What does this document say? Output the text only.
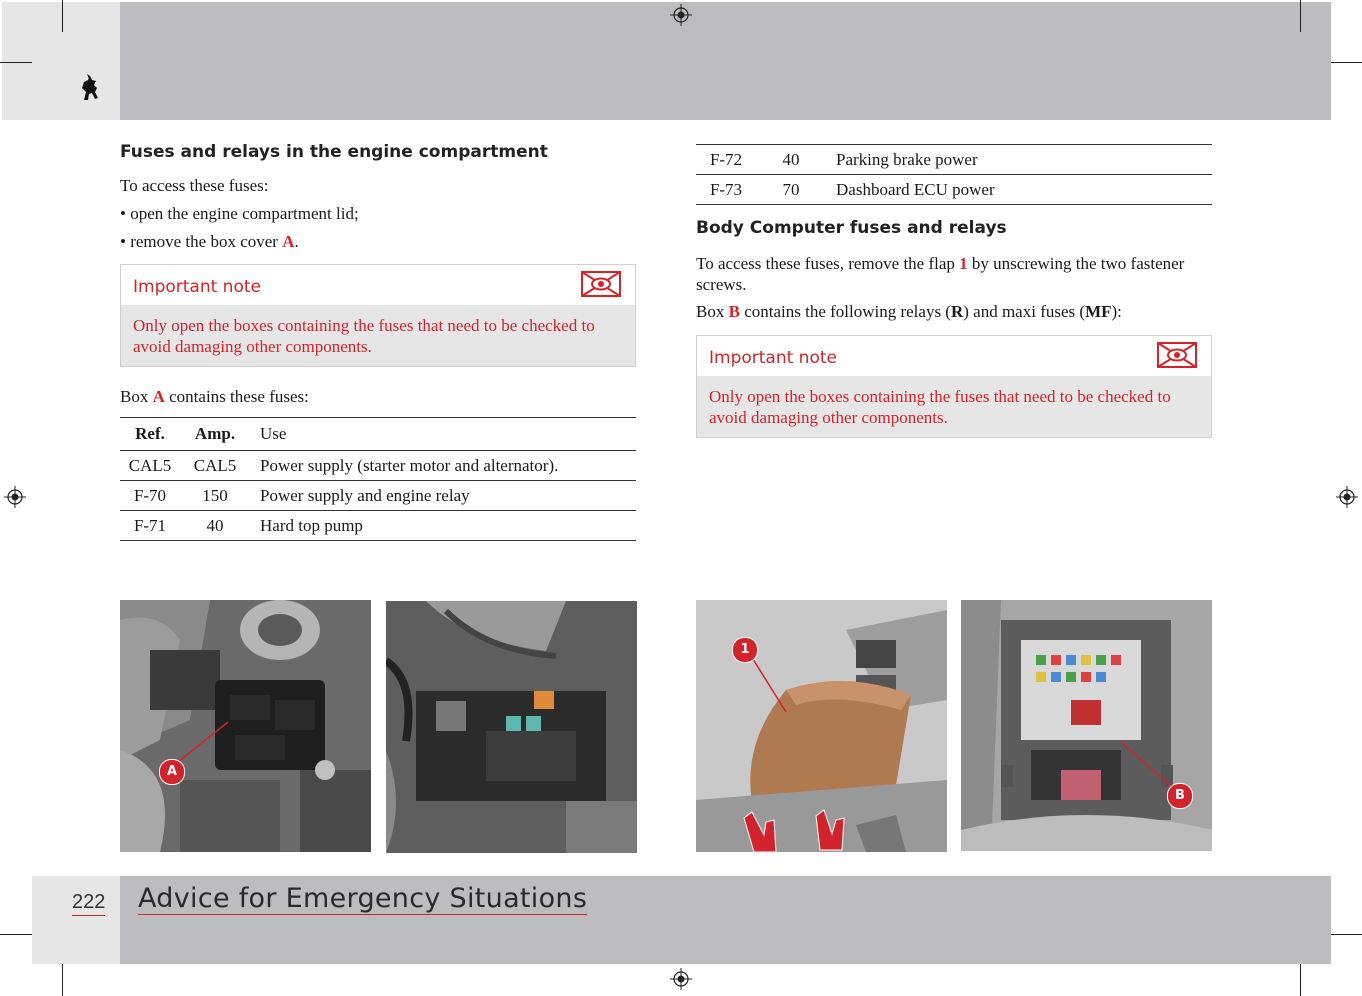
Fuses and relays in the engine compartment
To access these fuses:
• open the engine compartment lid;
• remove the box cover A.
Important note
Only open the boxes containing the fuses that need to be checked to avoid damaging other components.
Box A contains these fuses:
Ref.	Amp.	Use
CAL5	CAL5	Power supply (starter motor and alternator).
F-70	150	Power supply and engine relay
F-71	40	Hard top pump
F-72	40	Parking brake power
F-73	70	Dashboard ECU power
Body Computer fuses and relays
To access these fuses, remove the flap 1 by unscrewing the two fastener screws.
Box B contains the following relays (R) and maxi fuses (MF):
Important note
Only open the boxes containing the fuses that need to be checked to avoid damaging other components.
A
1
B
222 Advice for Emergency Situations
